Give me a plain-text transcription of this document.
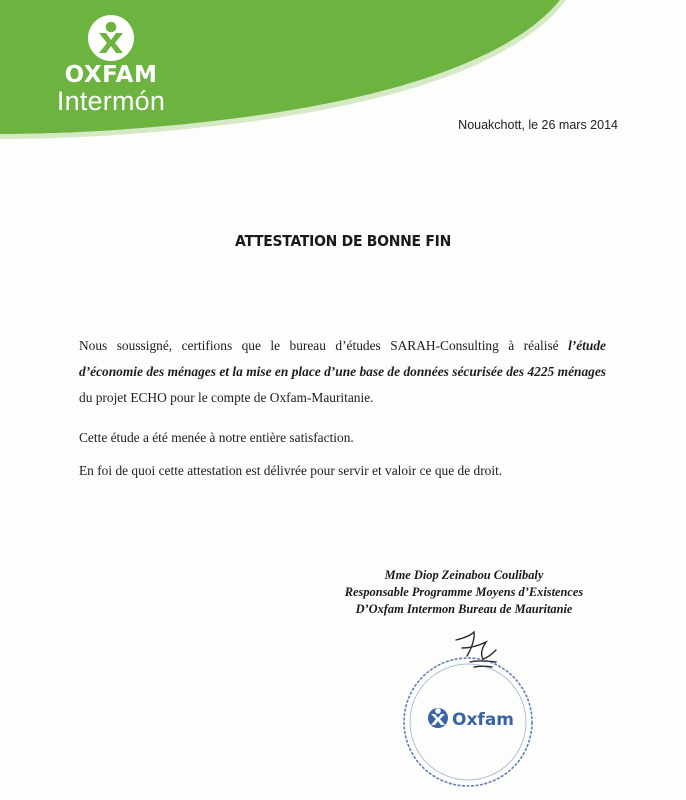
OXFAM
Intermón
Nouakchott, le 26 mars 2014
ATTESTATION DE BONNE FIN
Nous soussigné, certifions que le bureau d’études SARAH-Consulting à réalisé l’étude d’économie des ménages et la mise en place d’une base de données sécurisée des 4225 ménages du projet ECHO pour le compte de Oxfam-Mauritanie.
Cette étude a été menée à notre entière satisfaction.
En foi de quoi cette attestation est délivrée pour servir et valoir ce que de droit.
Mme Diop Zeinabou Coulibaly
Responsable Programme Moyens d’Existences
D’Oxfam Intermon Bureau de Mauritanie
Oxfam
